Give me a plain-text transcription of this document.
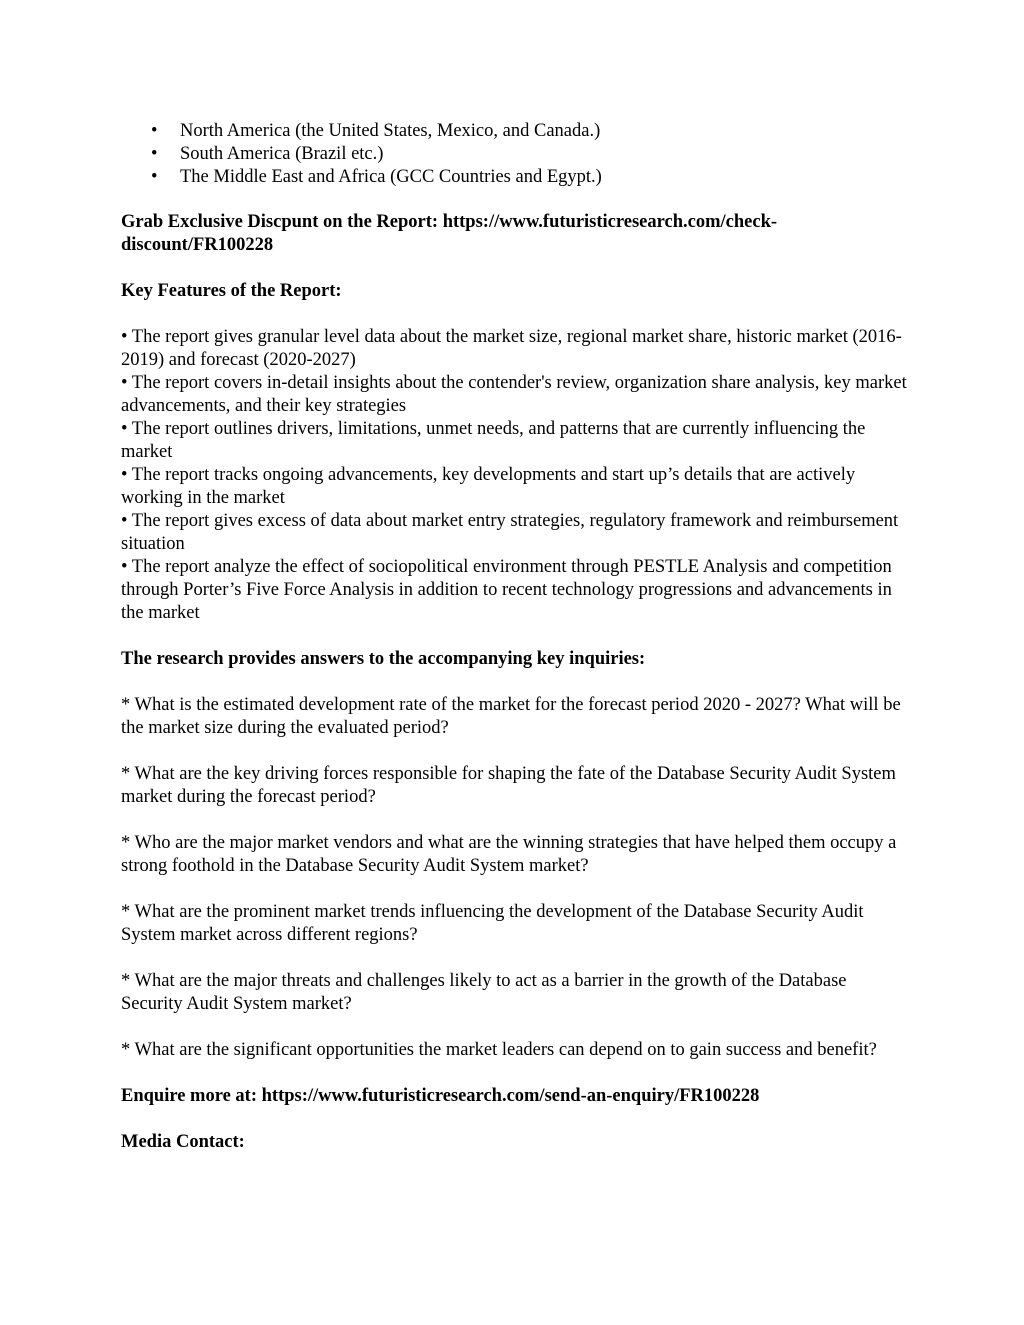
• North America (the United States, Mexico, and Canada.)
• South America (Brazil etc.)
• The Middle East and Africa (GCC Countries and Egypt.)

Grab Exclusive Discpunt on the Report: https://www.futuristicresearch.com/check-discount/FR100228

Key Features of the Report:

• The report gives granular level data about the market size, regional market share, historic market (2016-2019) and forecast (2020-2027)
• The report covers in-detail insights about the contender's review, organization share analysis, key market advancements, and their key strategies
• The report outlines drivers, limitations, unmet needs, and patterns that are currently influencing the market
• The report tracks ongoing advancements, key developments and start up’s details that are actively working in the market
• The report gives excess of data about market entry strategies, regulatory framework and reimbursement situation
• The report analyze the effect of sociopolitical environment through PESTLE Analysis and competition through Porter’s Five Force Analysis in addition to recent technology progressions and advancements in the market

The research provides answers to the accompanying key inquiries:

* What is the estimated development rate of the market for the forecast period 2020 - 2027? What will be the market size during the evaluated period?

* What are the key driving forces responsible for shaping the fate of the Database Security Audit System market during the forecast period?

* Who are the major market vendors and what are the winning strategies that have helped them occupy a strong foothold in the Database Security Audit System market?

* What are the prominent market trends influencing the development of the Database Security Audit System market across different regions?

* What are the major threats and challenges likely to act as a barrier in the growth of the Database Security Audit System market?

* What are the significant opportunities the market leaders can depend on to gain success and benefit?

Enquire more at: https://www.futuristicresearch.com/send-an-enquiry/FR100228

Media Contact:
